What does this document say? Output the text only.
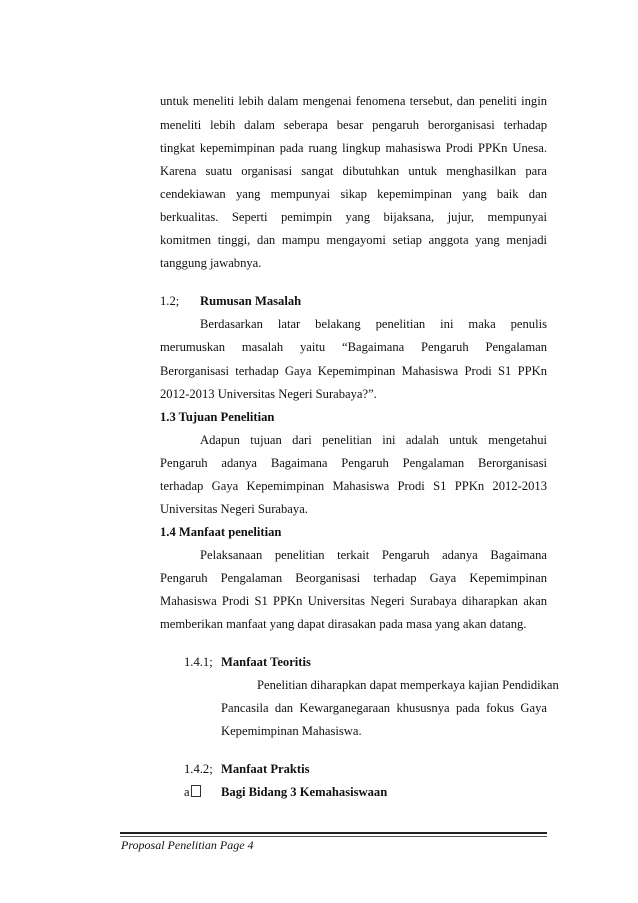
untuk meneliti lebih dalam mengenai fenomena tersebut, dan peneliti ingin
meneliti lebih dalam seberapa besar pengaruh berorganisasi terhadap
tingkat kepemimpinan pada ruang lingkup mahasiswa Prodi PPKn Unesa.
Karena suatu organisasi sangat dibutuhkan untuk menghasilkan para
cendekiawan yang mempunyai sikap kepemimpinan yang baik dan
berkualitas. Seperti pemimpin yang bijaksana, jujur, mempunyai
komitmen tinggi, dan mampu mengayomi setiap anggota yang menjadi
tanggung jawabnya.
1.2; Rumusan Masalah
Berdasarkan latar belakang penelitian ini maka penulis
merumuskan masalah yaitu “Bagaimana Pengaruh Pengalaman
Berorganisasi terhadap Gaya Kepemimpinan Mahasiswa Prodi S1 PPKn
2012-2013 Universitas Negeri Surabaya?”.
1.3 Tujuan Penelitian
Adapun tujuan dari penelitian ini adalah untuk mengetahui
Pengaruh adanya Bagaimana Pengaruh Pengalaman Berorganisasi
terhadap Gaya Kepemimpinan Mahasiswa Prodi S1 PPKn 2012-2013
Universitas Negeri Surabaya.
1.4 Manfaat penelitian
Pelaksanaan penelitian terkait Pengaruh adanya Bagaimana
Pengaruh Pengalaman Beorganisasi terhadap Gaya Kepemimpinan
Mahasiswa Prodi S1 PPKn Universitas Negeri Surabaya diharapkan akan
memberikan manfaat yang dapat dirasakan pada masa yang akan datang.
1.4.1; Manfaat Teoritis
Penelitian diharapkan dapat memperkaya kajian Pendidikan
Pancasila dan Kewarganegaraan khususnya pada fokus Gaya
Kepemimpinan Mahasiswa.
1.4.2; Manfaat Praktis
a	Bagi Bidang 3 Kemahasiswaan
Proposal Penelitian Page 4
